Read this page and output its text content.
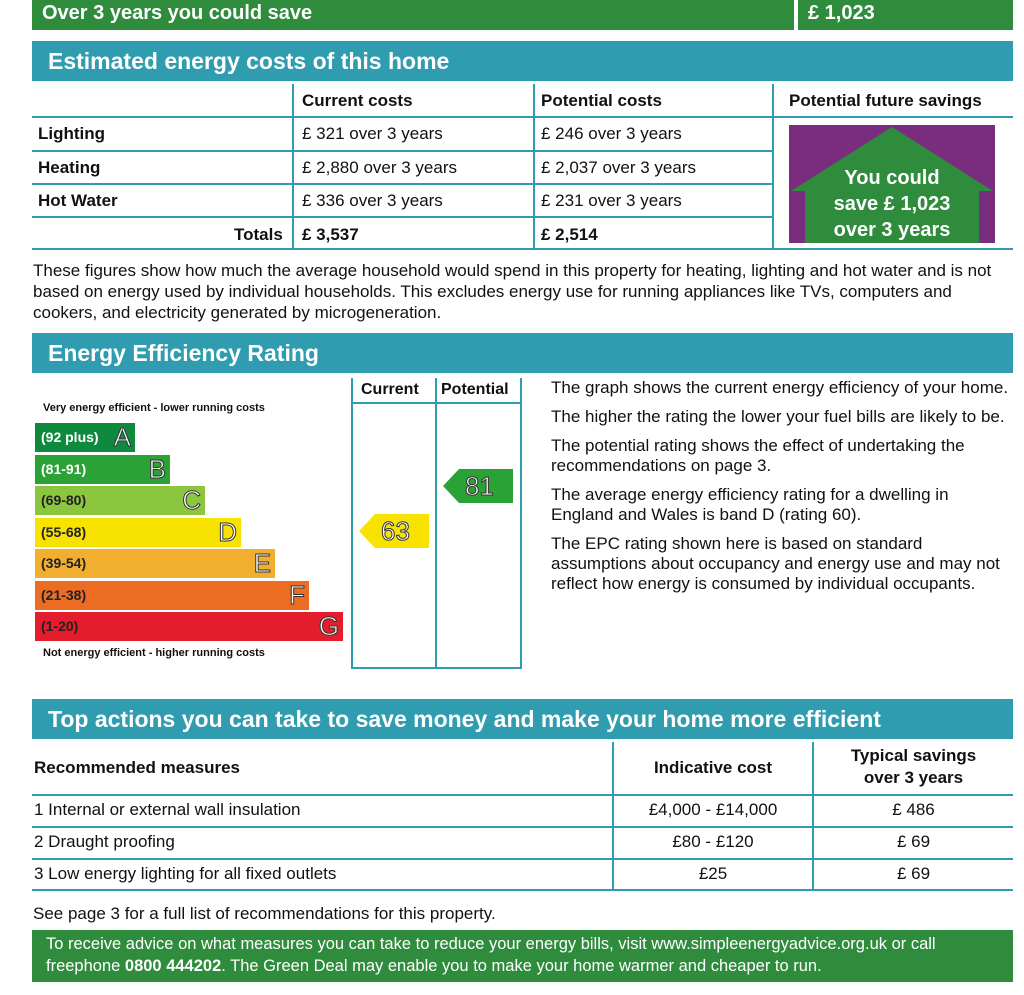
Over 3 years you could save	£ 1,023
Estimated energy costs of this home
Current costs	Potential costs	Potential future savings
Lighting	£ 321 over 3 years	£ 246 over 3 years
Heating	£ 2,880 over 3 years	£ 2,037 over 3 years
Hot Water	£ 336 over 3 years	£ 231 over 3 years
Totals £ 3,537	£ 2,514
You could
save £ 1,023
over 3 years

These figures show how much the average household would spend in this property for heating, lighting and hot water and is not based on energy used by individual households. This excludes energy use for running appliances like TVs, computers and cookers, and electricity generated by microgeneration.

Energy Efficiency Rating
Very energy efficient - lower running costs
Not energy efficient - higher running costs
(92 plus) A
(81-91) B
(69-80)	C
(55-68)	D
(39-54)	E
(21-38)	F
(1-20)	G
Current Potential
63
81

The graph shows the current energy efficiency of your home.

The higher the rating the lower your fuel bills are likely to be.

The potential rating shows the effect of undertaking the recommendations on page 3.

The average energy efficiency rating for a dwelling in England and Wales is band D (rating 60).

The EPC rating shown here is based on standard assumptions about occupancy and energy use and may not reflect how energy is consumed by individual occupants.

Top actions you can take to save money and make your home more efficient
Recommended measures	Indicative cost
Typical savings
over 3 years
1 Internal or external wall insulation	£4,000 - £14,000	£ 486
2 Draught proofing	£80 - £120	£ 69
3 Low energy lighting for all fixed outlets	£25	£ 69

See page 3 for a full list of recommendations for this property.

To receive advice on what measures you can take to reduce your energy bills, visit www.simpleenergyadvice.org.uk or call freephone 0800 444202. The Green Deal may enable you to make your home warmer and cheaper to run.
